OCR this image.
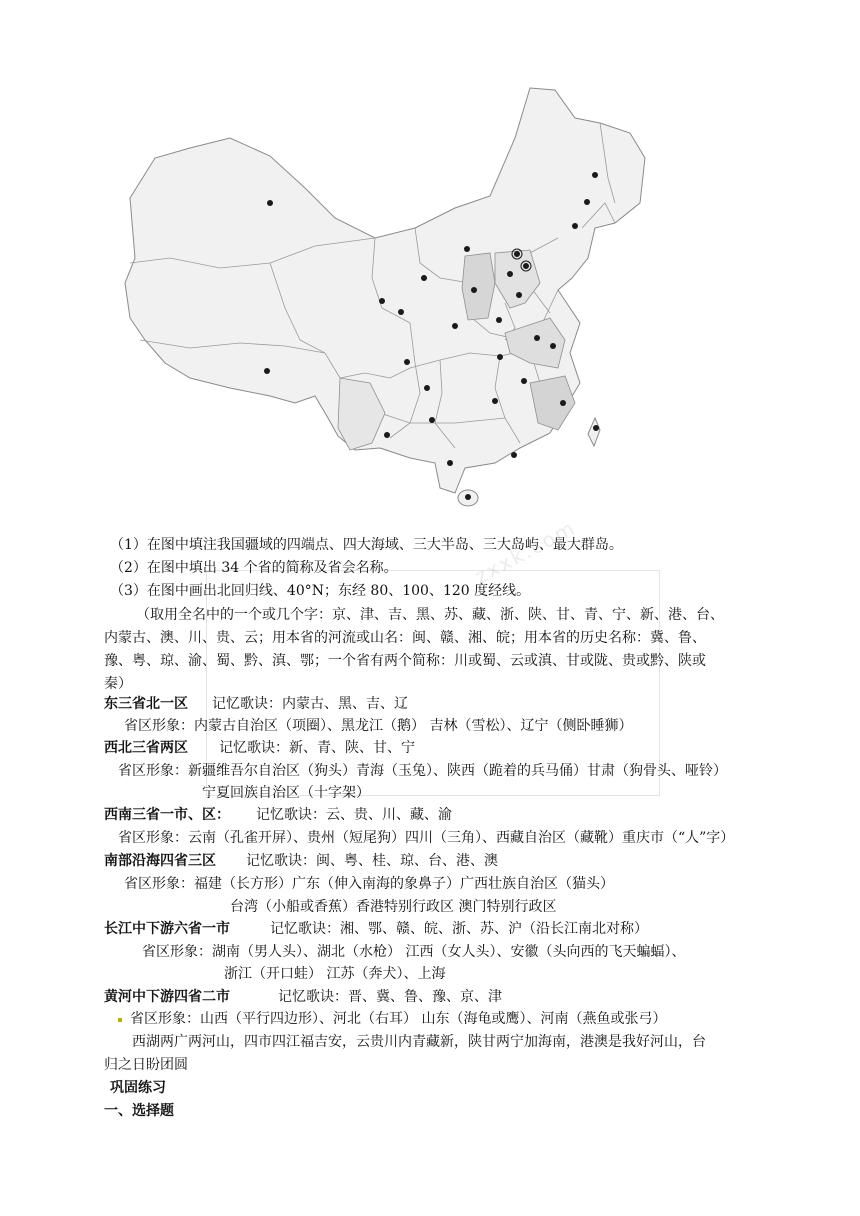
zxxk.com
（1）在图中填注我国疆域的四端点、四大海域、三大半岛、三大岛屿、最大群岛。
（2）在图中填出 34 个省的简称及省会名称。
（3）在图中画出北回归线、40°N；东经 80、100、120 度经线。
（取用全名中的一个或几个字：京、津、吉、黑、苏、藏、浙、陕、甘、青、宁、新、港、台、
内蒙古、澳、川、贵、云；用本省的河流或山名：闽、赣、湘、皖；用本省的历史名称：冀、鲁、
豫、粤、琼、渝、蜀、黔、滇、鄂；一个省有两个简称：川或蜀、云或滇、甘或陇、贵或黔、陕或
秦）
东三省北一区 记忆歌诀：内蒙古、黑、吉、辽
省区形象：内蒙古自治区（项圈）、黑龙江（鹅） 吉林（雪松）、辽宁（侧卧睡狮）
西北三省两区 记忆歌诀：新、青、陕、甘、宁
省区形象：新疆维吾尔自治区（狗头）青海（玉兔）、陕西（跪着的兵马俑）甘肃（狗骨头、哑铃）
宁夏回族自治区（十字架）
西南三省一市、区： 记忆歌诀：云、贵、川、藏、渝
省区形象：云南（孔雀开屏）、贵州（短尾狗）四川（三角）、西藏自治区（藏靴）重庆市（“人”字）
南部沿海四省三区 记忆歌诀：闽、粤、桂、琼、台、港、澳
省区形象：福建（长方形）广东（伸入南海的象鼻子）广西壮族自治区（猫头）
台湾（小船或香蕉）香港特别行政区 澳门特别行政区
长江中下游六省一市	记忆歌诀：湘、鄂、赣、皖、浙、苏、沪（沿长江南北对称）
省区形象：湖南（男人头）、湖北（水枪） 江西（女人头）、安徽（头向西的飞天蝙蝠）、
浙江（开口蛙） 江苏（奔犬）、上海
黄河中下游四省二市	记忆歌诀：晋、冀、鲁、豫、京、津
省区形象：山西（平行四边形）、河北（右耳） 山东（海龟或鹰）、河南（燕鱼或张弓）
西湖两广两河山，四市四江福吉安，云贵川内青藏新，陕甘两宁加海南，港澳是我好河山，台
归之日盼团圆
巩固练习
一、选择题
